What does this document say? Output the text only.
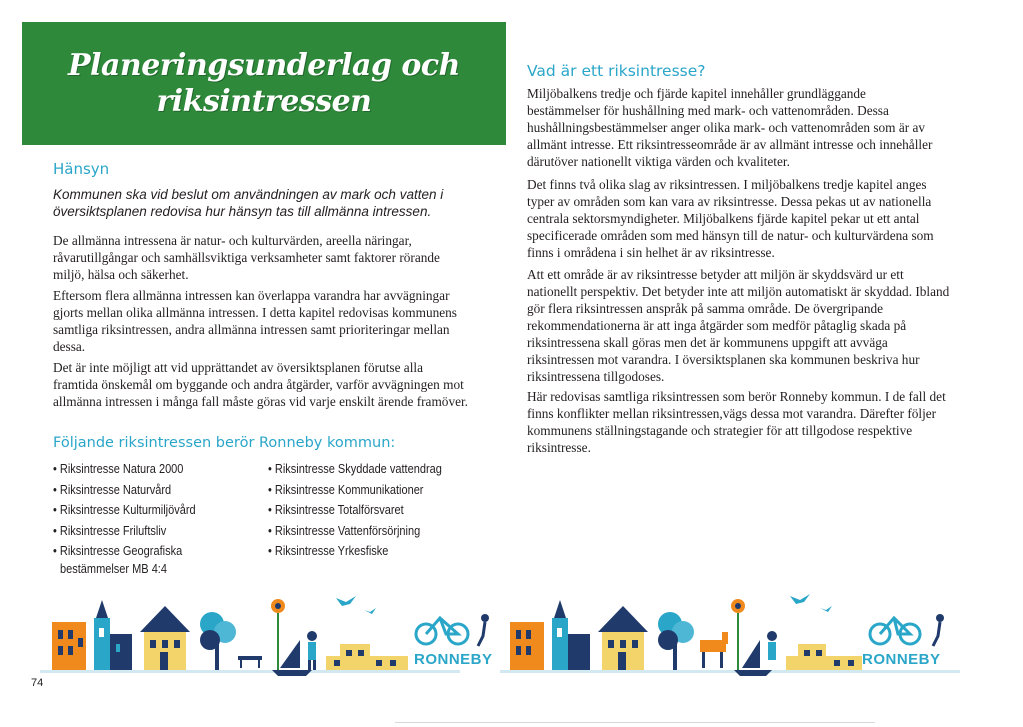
Planeringsunderlag och
riksintressen
Hänsyn
Kommunen ska vid beslut om användningen av mark och vatten i översiktsplanen redovisa hur hänsyn tas till allmänna intressen.
De allmänna intressena är natur- och kulturvärden, areella näringar, råvarutillgångar och samhällsviktiga verksamheter samt faktorer rörande miljö, hälsa och säkerhet.
Eftersom flera allmänna intressen kan överlappa varandra har avvägningar gjorts mellan olika allmänna intressen. I detta kapitel redovisas kommunens samtliga riksintressen, andra allmänna intressen samt prioriteringar mellan dessa.
Det är inte möjligt att vid upprättandet av översiktsplanen förutse alla framtida önskemål om byggande och andra åtgärder, varför avvägningen mot allmänna intressen i många fall måste göras vid varje enskilt ärende framöver.
Följande riksintressen berör Ronneby kommun:
• Riksintresse Natura 2000
• Riksintresse Naturvård
• Riksintresse Kulturmiljövård
• Riksintresse Friluftsliv
• Riksintresse Geografiska
bestämmelser MB 4:4
• Riksintresse Skyddade vattendrag
• Riksintresse Kommunikationer
• Riksintresse Totalförsvaret
• Riksintresse Vattenförsörjning
• Riksintresse Yrkesfiske
Vad är ett riksintresse?
Miljöbalkens tredje och fjärde kapitel innehåller grundläggande bestämmelser för hushållning med mark- och vattenområden. Dessa hushållningsbestämmelser anger olika mark- och vattenområden som är av allmänt intresse. Ett riksintresseområde är av allmänt intresse och innehåller därutöver nationellt viktiga värden och kvaliteter.
Det finns två olika slag av riksintressen. I miljöbalkens tredje kapitel anges typer av områden som kan vara av riksintresse. Dessa pekas ut av nationella centrala sektorsmyndigheter. Miljöbalkens fjärde kapitel pekar ut ett antal specificerade områden som med hänsyn till de natur- och kulturvärdena som finns i områdena i sin helhet är av riksintresse.
Att ett område är av riksintresse betyder att miljön är skyddsvärd ur ett nationellt perspektiv. Det betyder inte att miljön automatiskt är skyddad. Ibland gör flera riksintressen anspråk på samma område. De övergripande rekommendationerna är att inga åtgärder som medför påtaglig skada på riksintressena skall göras men det är kommunens uppgift att avväga riksintressen mot varandra. I översiktsplanen ska kommunen beskriva hur riksintressena tillgodoses.
Här redovisas samtliga riksintressen som berör Ronneby kommun. I de fall det finns konflikter mellan riksintressen,vägs dessa mot varandra. Därefter följer kommunens ställningstagande och strategier för att tillgodose respektive riksintresse.
RONNEBY	RONNEBY
74
